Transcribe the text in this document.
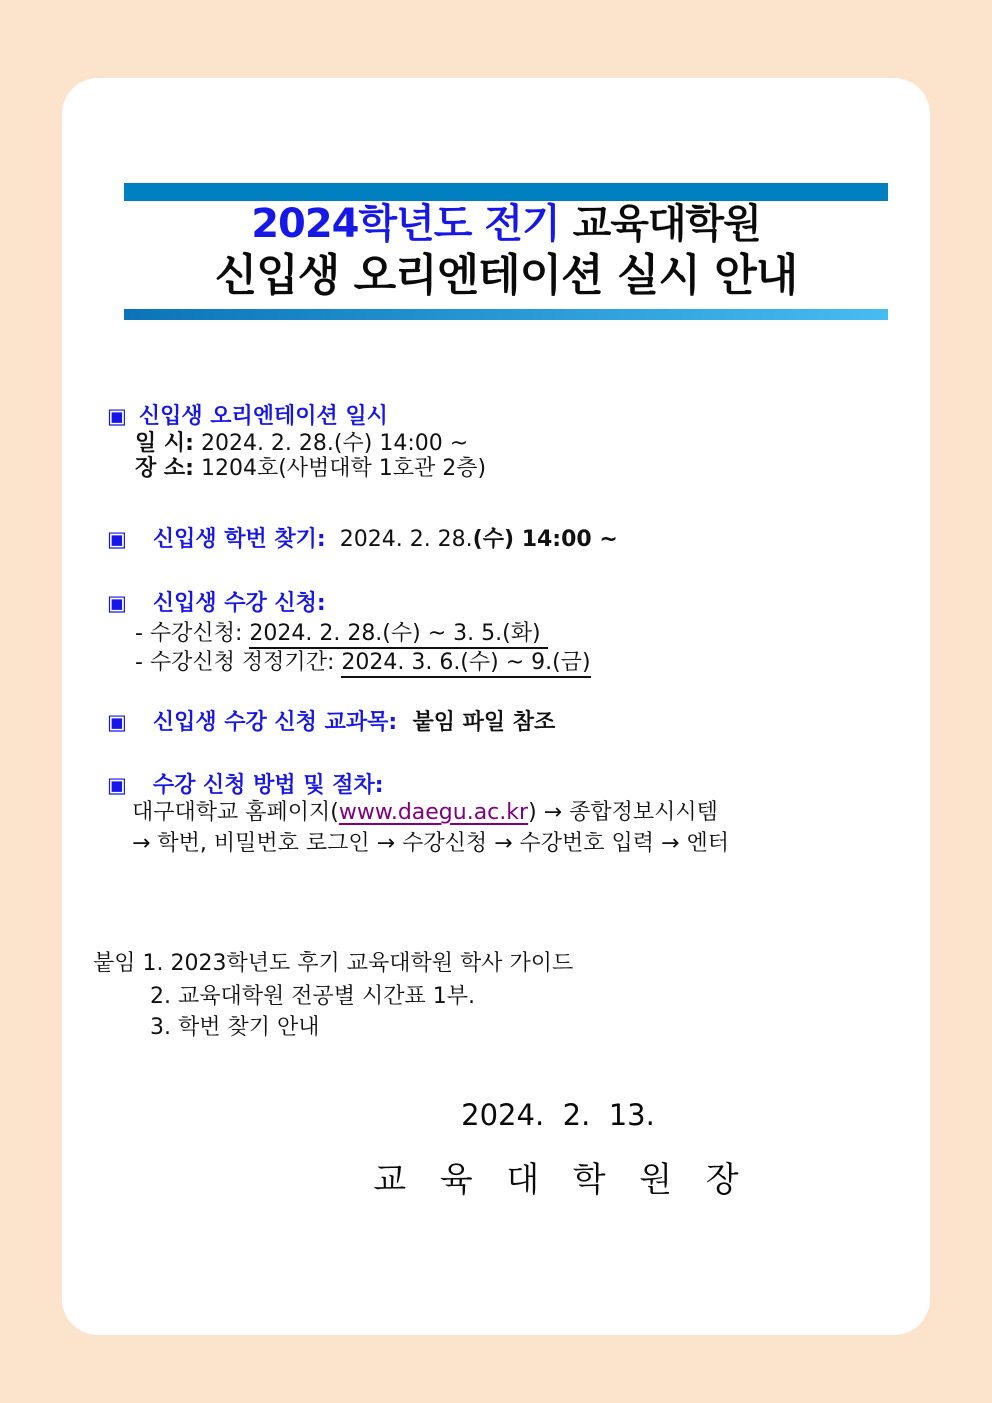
2024학년도 전기 교육대학원
신입생 오리엔테이션 실시 안내
▣ 신입생 오리엔테이션 일시
일 시: 2024. 2. 28.(수) 14:00 ~
장 소: 1204호(사범대학 1호관 2층)
▣ 신입생 학번 찾기:  2024. 2. 28.(수) 14:00 ~
▣ 신입생 수강 신청:
- 수강신청: 2024. 2. 28.(수) ~ 3. 5.(화)
- 수강신청 정정기간: 2024. 3. 6.(수) ~ 9.(금)
▣ 신입생 수강 신청 교과목:  붙임 파일 참조
▣ 수강 신청 방법 및 절차:
대구대학교 홈페이지(www.daegu.ac.kr) → 종합정보시시템
→ 학번, 비밀번호 로그인 → 수강신청 → 수강번호 입력 → 엔터
붙임 1. 2023학년도 후기 교육대학원 학사 가이드
2. 교육대학원 전공별 시간표 1부.
3. 학번 찾기 안내
2024.  2.  13.
교  육  대  학  원  장
